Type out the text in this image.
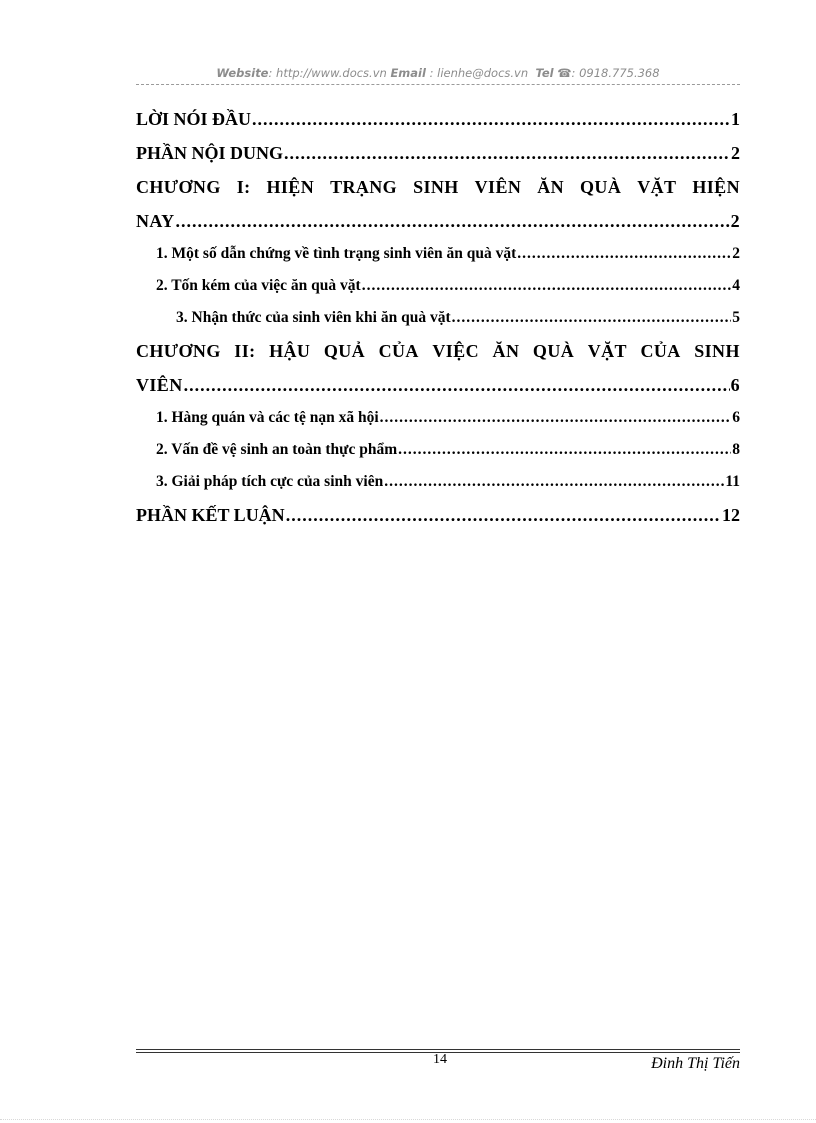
Website: http://www.docs.vn Email : lienhe@docs.vn Tel ☎: 0918.775.368
LỜI NÓI ĐẦU .....	1
PHẦN NỘI DUNG .....	2
CHƯƠNG I: HIỆN TRẠNG SINH VIÊN ĂN QUÀ VẶT HIỆN
NAY .....	2
1. Một số dẫn chứng về tình trạng sinh viên ăn quà vặt .....	2
2. Tốn kém của việc ăn quà vặt .....	4
3. Nhận thức của sinh viên khi ăn quà vặt .....	5
CHƯƠNG II: HẬU QUẢ CỦA VIỆC ĂN QUÀ VẶT CỦA SINH
VIÊN .....	6
1. Hàng quán và các tệ nạn xã hội .....	6
2. Vấn đề vệ sinh an toàn thực phẩm .....	8
3. Giải pháp tích cực của sinh viên .....	11
PHẦN KẾT LUẬN .....	12
14	Đinh Thị Tiến
